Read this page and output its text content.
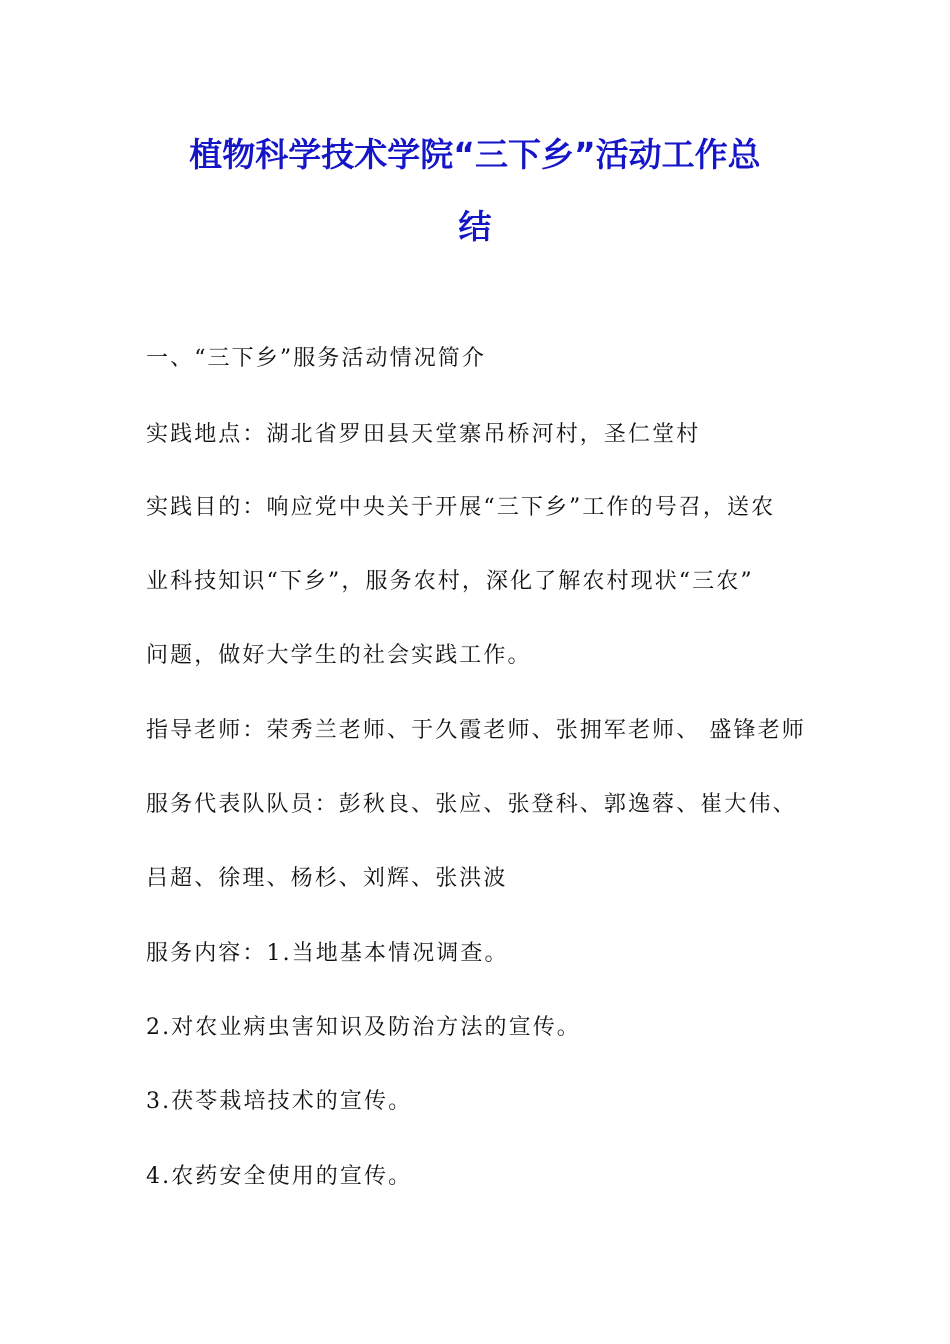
植物科学技术学院“三下乡”活动工作总
结

一、“三下乡”服务活动情况简介

实践地点：湖北省罗田县天堂寨吊桥河村，圣仁堂村

实践目的：响应党中央关于开展“三下乡”工作的号召，送农

业科技知识“下乡”，服务农村，深化了解农村现状“三农”

问题，做好大学生的社会实践工作。

指导老师：荣秀兰老师、于久霞老师、张拥军老师、 盛锋老师

服务代表队队员：彭秋良、张应、张登科、郭逸蓉、崔大伟、

吕超、徐理、杨杉、刘辉、张洪波

服务内容：1.当地基本情况调查。

2.对农业病虫害知识及防治方法的宣传。

3.茯苓栽培技术的宣传。

4.农药安全使用的宣传。
